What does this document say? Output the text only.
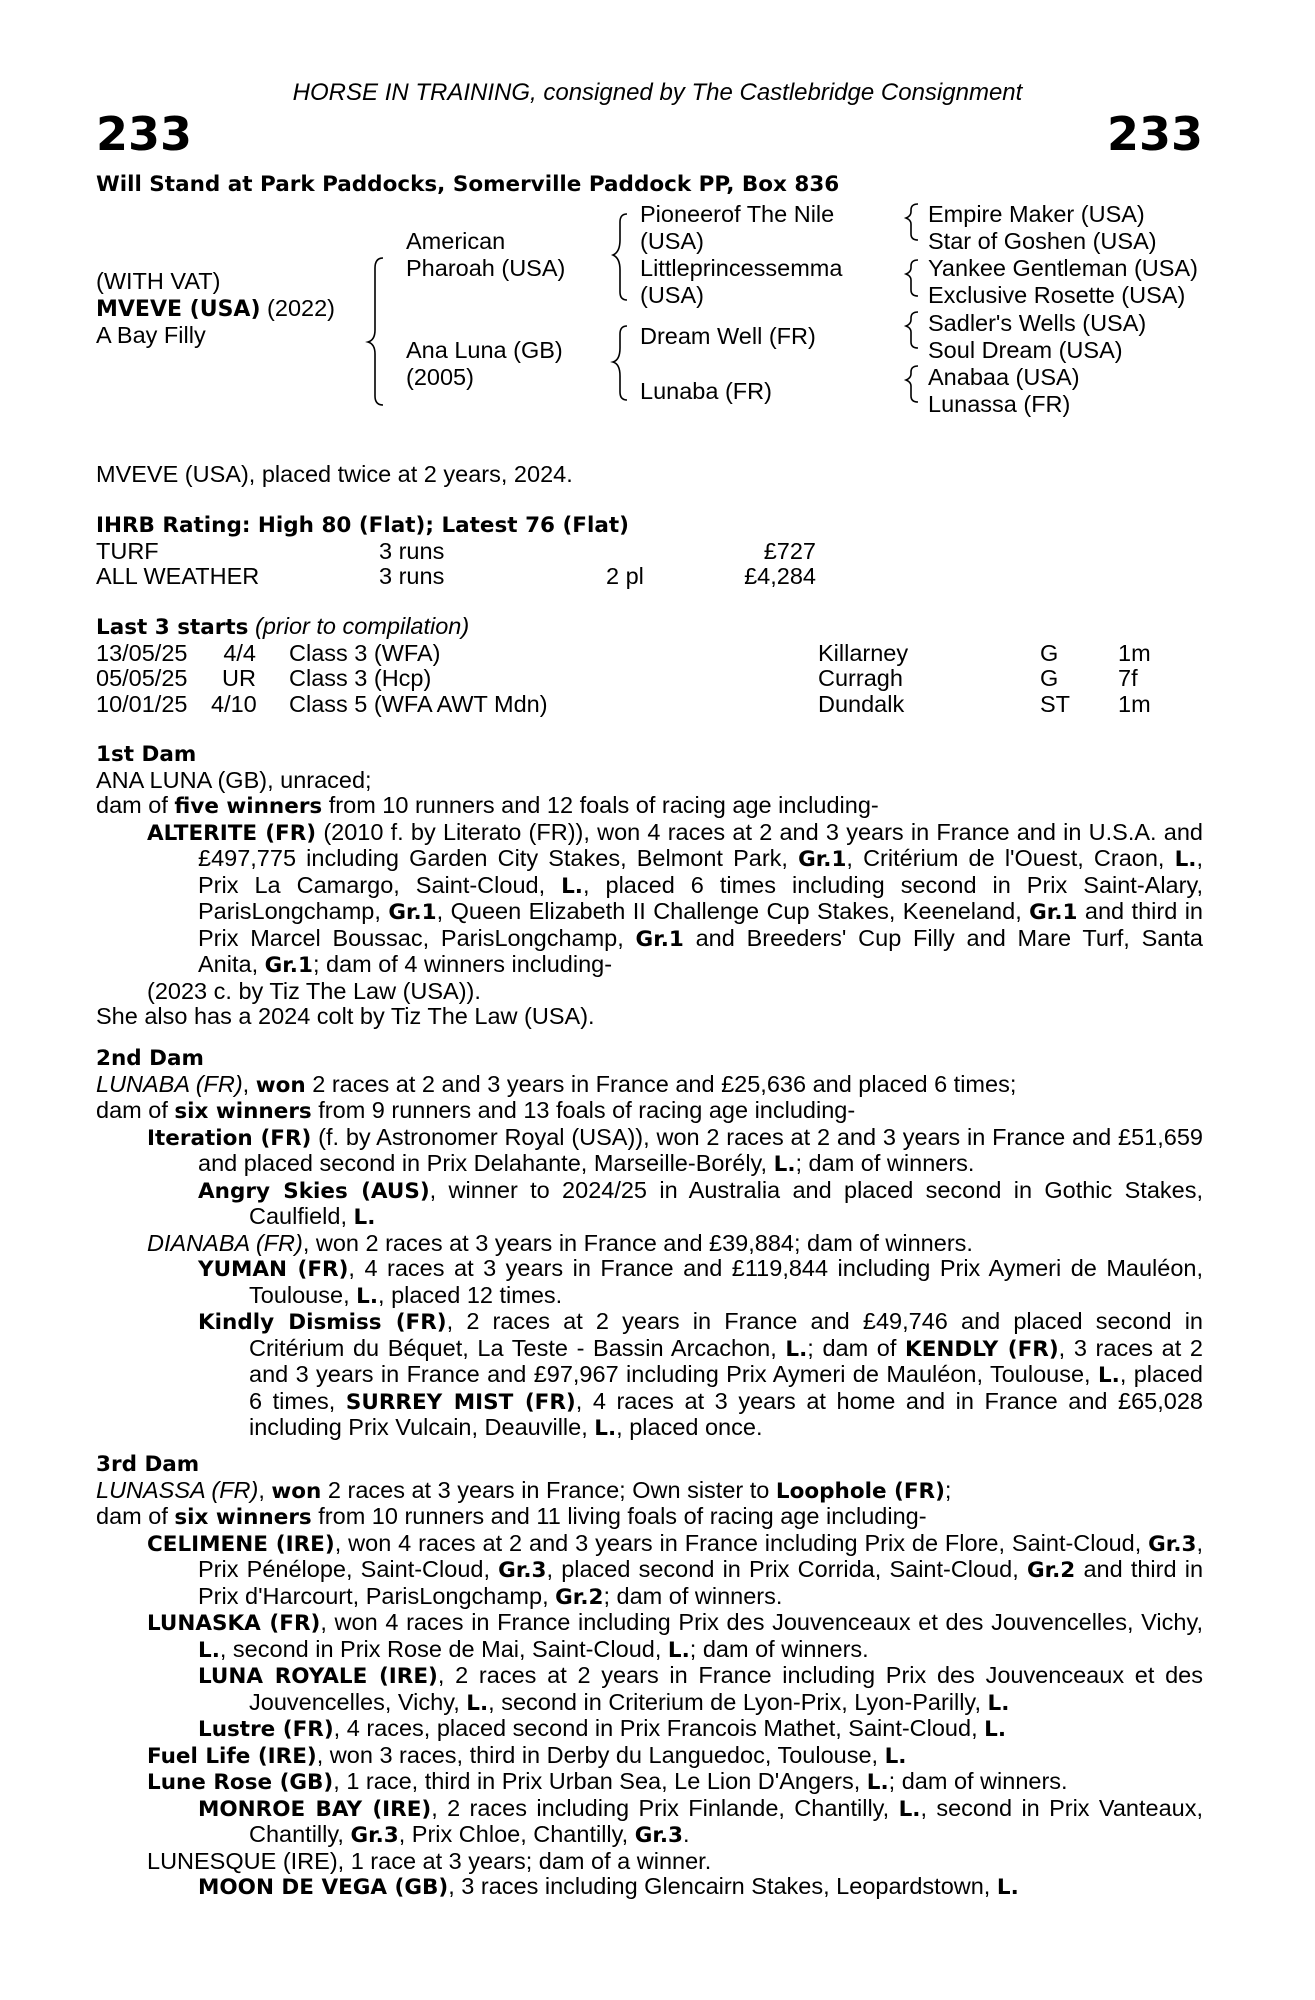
HORSE IN TRAINING, consigned by The Castlebridge Consignment
233	233
Will Stand at Park Paddocks, Somerville Paddock PP, Box 836
(WITH VAT)
MVEVE (USA) (2022)
A Bay Filly
American
Pharoah (USA)
Ana Luna (GB)
(2005)
Pioneerof The Nile
(USA)
Littleprincessemma
(USA)
Dream Well (FR)
Lunaba (FR)
Empire Maker (USA)
Star of Goshen (USA)
Yankee Gentleman (USA)
Exclusive Rosette (USA)
Sadler's Wells (USA)
Soul Dream (USA)
Anabaa (USA)
Lunassa (FR)
MVEVE (USA), placed twice at 2 years, 2024.
IHRB Rating: High 80 (Flat); Latest 76 (Flat)
TURF	3 runs	£727
ALL WEATHER	3 runs	2 pl	£4,284
Last 3 starts (prior to compilation)
13/05/25	4/4 Class 3 (WFA)	Killarney	G	1m
05/05/25	UR Class 3 (Hcp)	Curragh	G	7f
10/01/25 4/10 Class 5 (WFA AWT Mdn)	Dundalk	ST 1m
1st Dam

ANA LUNA (GB), unraced;

dam of five winners from 10 runners and 12 foals of racing age including-

ALTERITE (FR) (2010 f. by Literato (FR)), won 4 races at 2 and 3 years in France and in U.S.A. and £497,775 including Garden City Stakes, Belmont Park, Gr.1, Critérium de l'Ouest, Craon, L., Prix La Camargo, Saint-Cloud, L., placed 6 times including second in Prix Saint-Alary, ParisLongchamp, Gr.1, Queen Elizabeth II Challenge Cup Stakes, Keeneland, Gr.1 and third in Prix Marcel Boussac, ParisLongchamp, Gr.1 and Breeders' Cup Filly and Mare Turf, Santa Anita, Gr.1; dam of 4 winners including-

(2023 c. by Tiz The Law (USA)).

She also has a 2024 colt by Tiz The Law (USA).

2nd Dam

LUNABA (FR), won 2 races at 2 and 3 years in France and £25,636 and placed 6 times;

dam of six winners from 9 runners and 13 foals of racing age including-

Iteration (FR) (f. by Astronomer Royal (USA)), won 2 races at 2 and 3 years in France and £51,659 and placed second in Prix Delahante, Marseille-Borély, L.; dam of winners.

Angry Skies (AUS), winner to 2024/25 in Australia and placed second in Gothic Stakes, Caulfield, L.

DIANABA (FR), won 2 races at 3 years in France and £39,884; dam of winners.

YUMAN (FR), 4 races at 3 years in France and £119,844 including Prix Aymeri de Mauléon, Toulouse, L., placed 12 times.

Kindly Dismiss (FR), 2 races at 2 years in France and £49,746 and placed second in Critérium du Béquet, La Teste - Bassin Arcachon, L.; dam of KENDLY (FR), 3 races at 2 and 3 years in France and £97,967 including Prix Aymeri de Mauléon, Toulouse, L., placed 6 times, SURREY MIST (FR), 4 races at 3 years at home and in France and £65,028 including Prix Vulcain, Deauville, L., placed once.

3rd Dam

LUNASSA (FR), won 2 races at 3 years in France; Own sister to Loophole (FR);

dam of six winners from 10 runners and 11 living foals of racing age including-

CELIMENE (IRE), won 4 races at 2 and 3 years in France including Prix de Flore, Saint-Cloud, Gr.3, Prix Pénélope, Saint-Cloud, Gr.3, placed second in Prix Corrida, Saint-Cloud, Gr.2 and third in Prix d'Harcourt, ParisLongchamp, Gr.2; dam of winners.

LUNASKA (FR), won 4 races in France including Prix des Jouvenceaux et des Jouvencelles, Vichy, L., second in Prix Rose de Mai, Saint-Cloud, L.; dam of winners.

LUNA ROYALE (IRE), 2 races at 2 years in France including Prix des Jouvenceaux et des Jouvencelles, Vichy, L., second in Criterium de Lyon-Prix, Lyon-Parilly, L.

Lustre (FR), 4 races, placed second in Prix Francois Mathet, Saint-Cloud, L.

Fuel Life (IRE), won 3 races, third in Derby du Languedoc, Toulouse, L.

Lune Rose (GB), 1 race, third in Prix Urban Sea, Le Lion D'Angers, L.; dam of winners.

MONROE BAY (IRE), 2 races including Prix Finlande, Chantilly, L., second in Prix Vanteaux, Chantilly, Gr.3, Prix Chloe, Chantilly, Gr.3.

LUNESQUE (IRE), 1 race at 3 years; dam of a winner.

MOON DE VEGA (GB), 3 races including Glencairn Stakes, Leopardstown, L.
